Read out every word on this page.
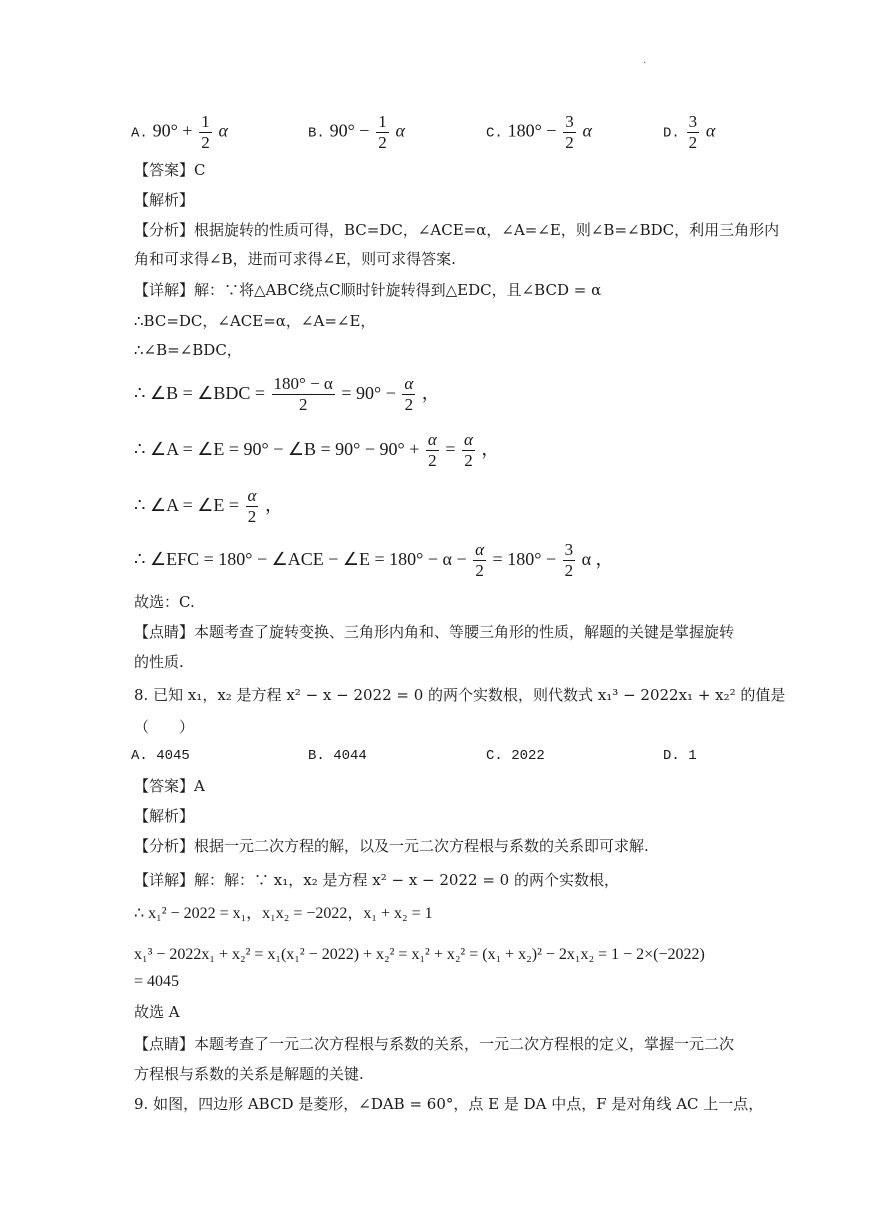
·
A. $90^\circ + \frac{1}{2}$ α	B. $90^\circ - \frac{1}{2}$ α	C. $180^\circ - \frac{3}{2}$ α	D. $\frac{3}{2}$ α
【答案】C
【解析】
【分析】根据旋转的性质可得，BC=DC，∠ACE=α，∠A=∠E，则∠B=∠BDC，利用三角形内
角和可求得∠B，进而可求得∠E，则可求得答案.
【详解】解：∵将△ABC绕点C顺时针旋转得到△EDC，且∠BCD = α
∴BC=DC，∠ACE=α，∠A=∠E，
∴∠B=∠BDC，
∴ ∠B = ∠BDC = $\frac{180^\circ - \alpha}{2} = 90^\circ - \frac{\alpha}{2}$ ，
∴ ∠A = ∠E = 90° − ∠B = $90^\circ - 90^\circ + \frac{\alpha}{2} = \frac{\alpha}{2}$ ，
∴ ∠A = ∠E = $\frac{\alpha}{2}$ ，
∴ ∠EFC = 180° − ∠ACE − ∠E = $180^\circ - \alpha - \frac{\alpha}{2} = 180^\circ - \frac{3}{2}$ α ，
故选：C.
【点睛】本题考查了旋转变换、三角形内角和、等腰三角形的性质，解题的关键是掌握旋转
的性质.
8. 已知 x₁，x₂ 是方程 x² − x − 2022 = 0 的两个实数根，则代数式 x₁³ − 2022x₁ + x₂² 的值是
（　　）
A. 4045	B. 4044	C. 2022	D. 1
【答案】A
【解析】
【分析】根据一元二次方程的解，以及一元二次方程根与系数的关系即可求解.
【详解】解：解：∵ x₁，x₂ 是方程 x² − x − 2022 = 0 的两个实数根，
∴ x₁² − 2022 = x₁，x₁x₂ = −2022，x₁ + x₂ = 1
x₁³ − 2022x₁ + x₂² = x₁(x₁² − 2022) + x₂² = x₁² + x₂² = (x₁ + x₂)² − 2x₁x₂ = 1 − 2×(−2022)
= 4045
故选 A
【点睛】本题考查了一元二次方程根与系数的关系，一元二次方程根的定义，掌握一元二次
方程根与系数的关系是解题的关键.
9. 如图，四边形 ABCD 是菱形，∠DAB = 60°，点 E 是 DA 中点，F 是对角线 AC 上一点，
